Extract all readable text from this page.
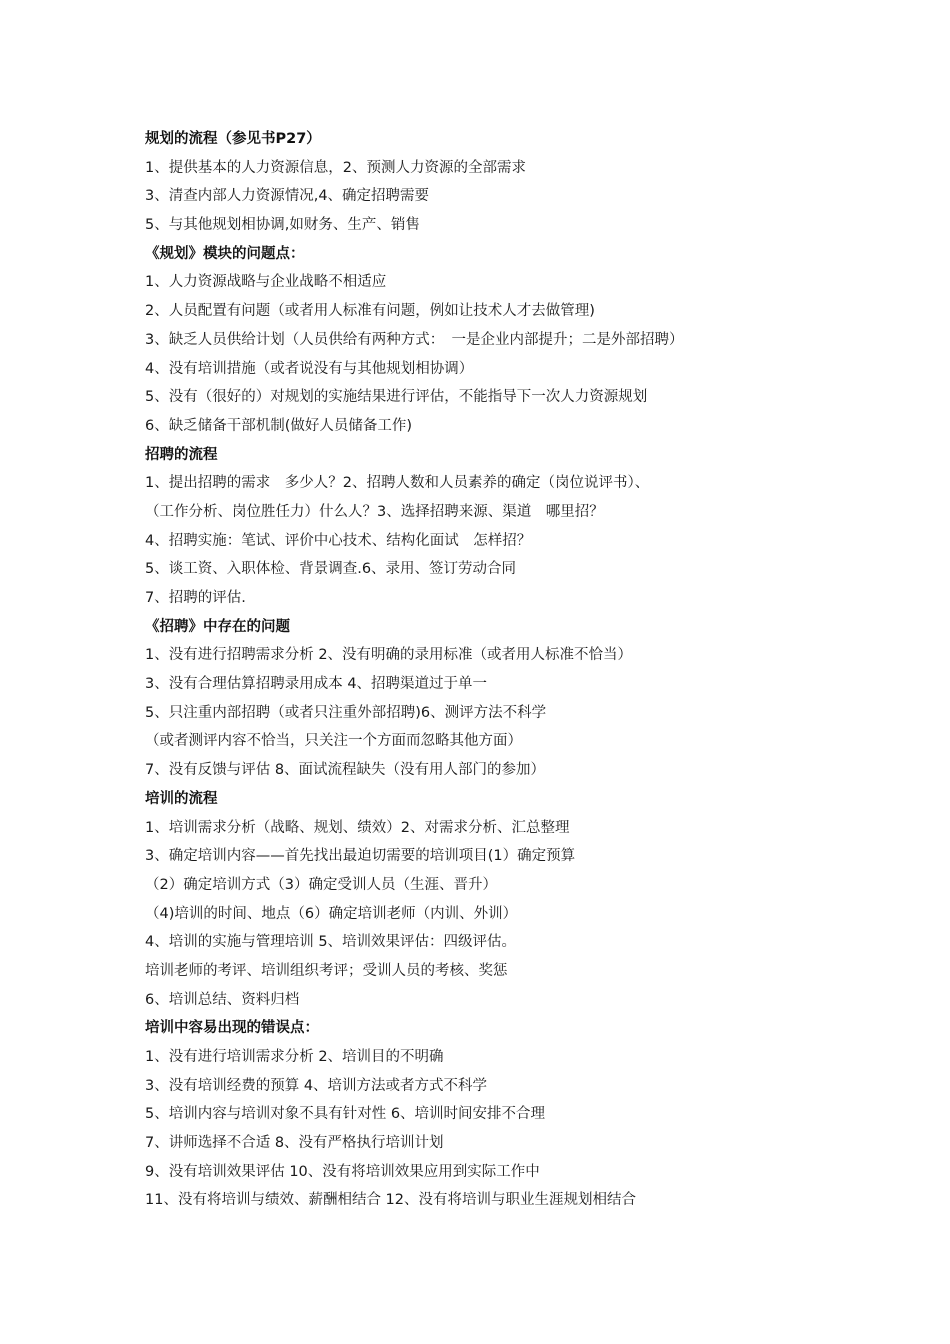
规划的流程（参见书P27）
1、提供基本的人力资源信息，2、预测人力资源的全部需求
3、清查内部人力资源情况,4、确定招聘需要
5、与其他规划相协调,如财务、生产、销售
《规划》模块的问题点：
1、人力资源战略与企业战略不相适应
2、人员配置有问题（或者用人标准有问题，例如让技术人才去做管理)
3、缺乏人员供给计划（人员供给有两种方式：　一是企业内部提升；二是外部招聘）
4、没有培训措施（或者说没有与其他规划相协调）
5、没有（很好的）对规划的实施结果进行评估，不能指导下一次人力资源规划
6、缺乏储备干部机制(做好人员储备工作)
招聘的流程
1、提出招聘的需求　多少人？2、招聘人数和人员素养的确定（岗位说评书）、
（工作分析、岗位胜任力）什么人？3、选择招聘来源、渠道　哪里招？
4、招聘实施：笔试、评价中心技术、结构化面试　怎样招？
5、谈工资、入职体检、背景调查.6、录用、签订劳动合同
7、招聘的评估.
《招聘》中存在的问题
1、没有进行招聘需求分析 2、没有明确的录用标准（或者用人标准不恰当）
3、没有合理估算招聘录用成本 4、招聘渠道过于单一
5、只注重内部招聘（或者只注重外部招聘)6、测评方法不科学
（或者测评内容不恰当，只关注一个方面而忽略其他方面）
7、没有反馈与评估 8、面试流程缺失（没有用人部门的参加）
培训的流程
1、培训需求分析（战略、规划、绩效）2、对需求分析、汇总整理
3、确定培训内容——首先找出最迫切需要的培训项目(1）确定预算
（2）确定培训方式（3）确定受训人员（生涯、晋升）
（4)培训的时间、地点（6）确定培训老师（内训、外训）
4、培训的实施与管理培训 5、培训效果评估：四级评估。
培训老师的考评、培训组织考评；受训人员的考核、奖惩
6、培训总结、资料归档
培训中容易出现的错误点：
1、没有进行培训需求分析 2、培训目的不明确
3、没有培训经费的预算 4、培训方法或者方式不科学
5、培训内容与培训对象不具有针对性 6、培训时间安排不合理
7、讲师选择不合适 8、没有严格执行培训计划
9、没有培训效果评估 10、没有将培训效果应用到实际工作中
11、没有将培训与绩效、薪酬相结合 12、没有将培训与职业生涯规划相结合
